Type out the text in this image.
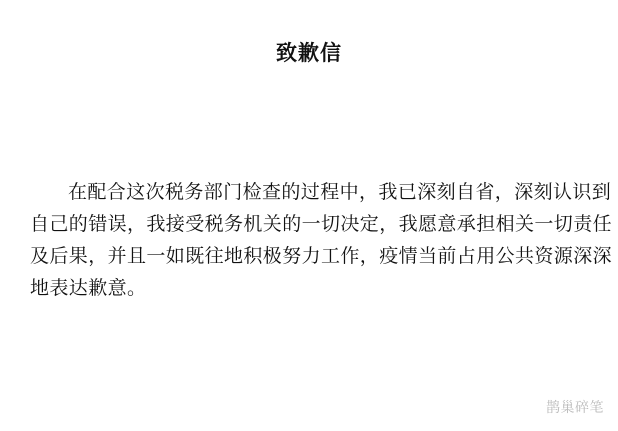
致歉信
在配合这次税务部门检查的过程中，我已深刻自省，深刻认识到
自己的错误，我接受税务机关的一切决定，我愿意承担相关一切责任
及后果，并且一如既往地积极努力工作，疫情当前占用公共资源深深
地表达歉意。
鹊巢碎笔
